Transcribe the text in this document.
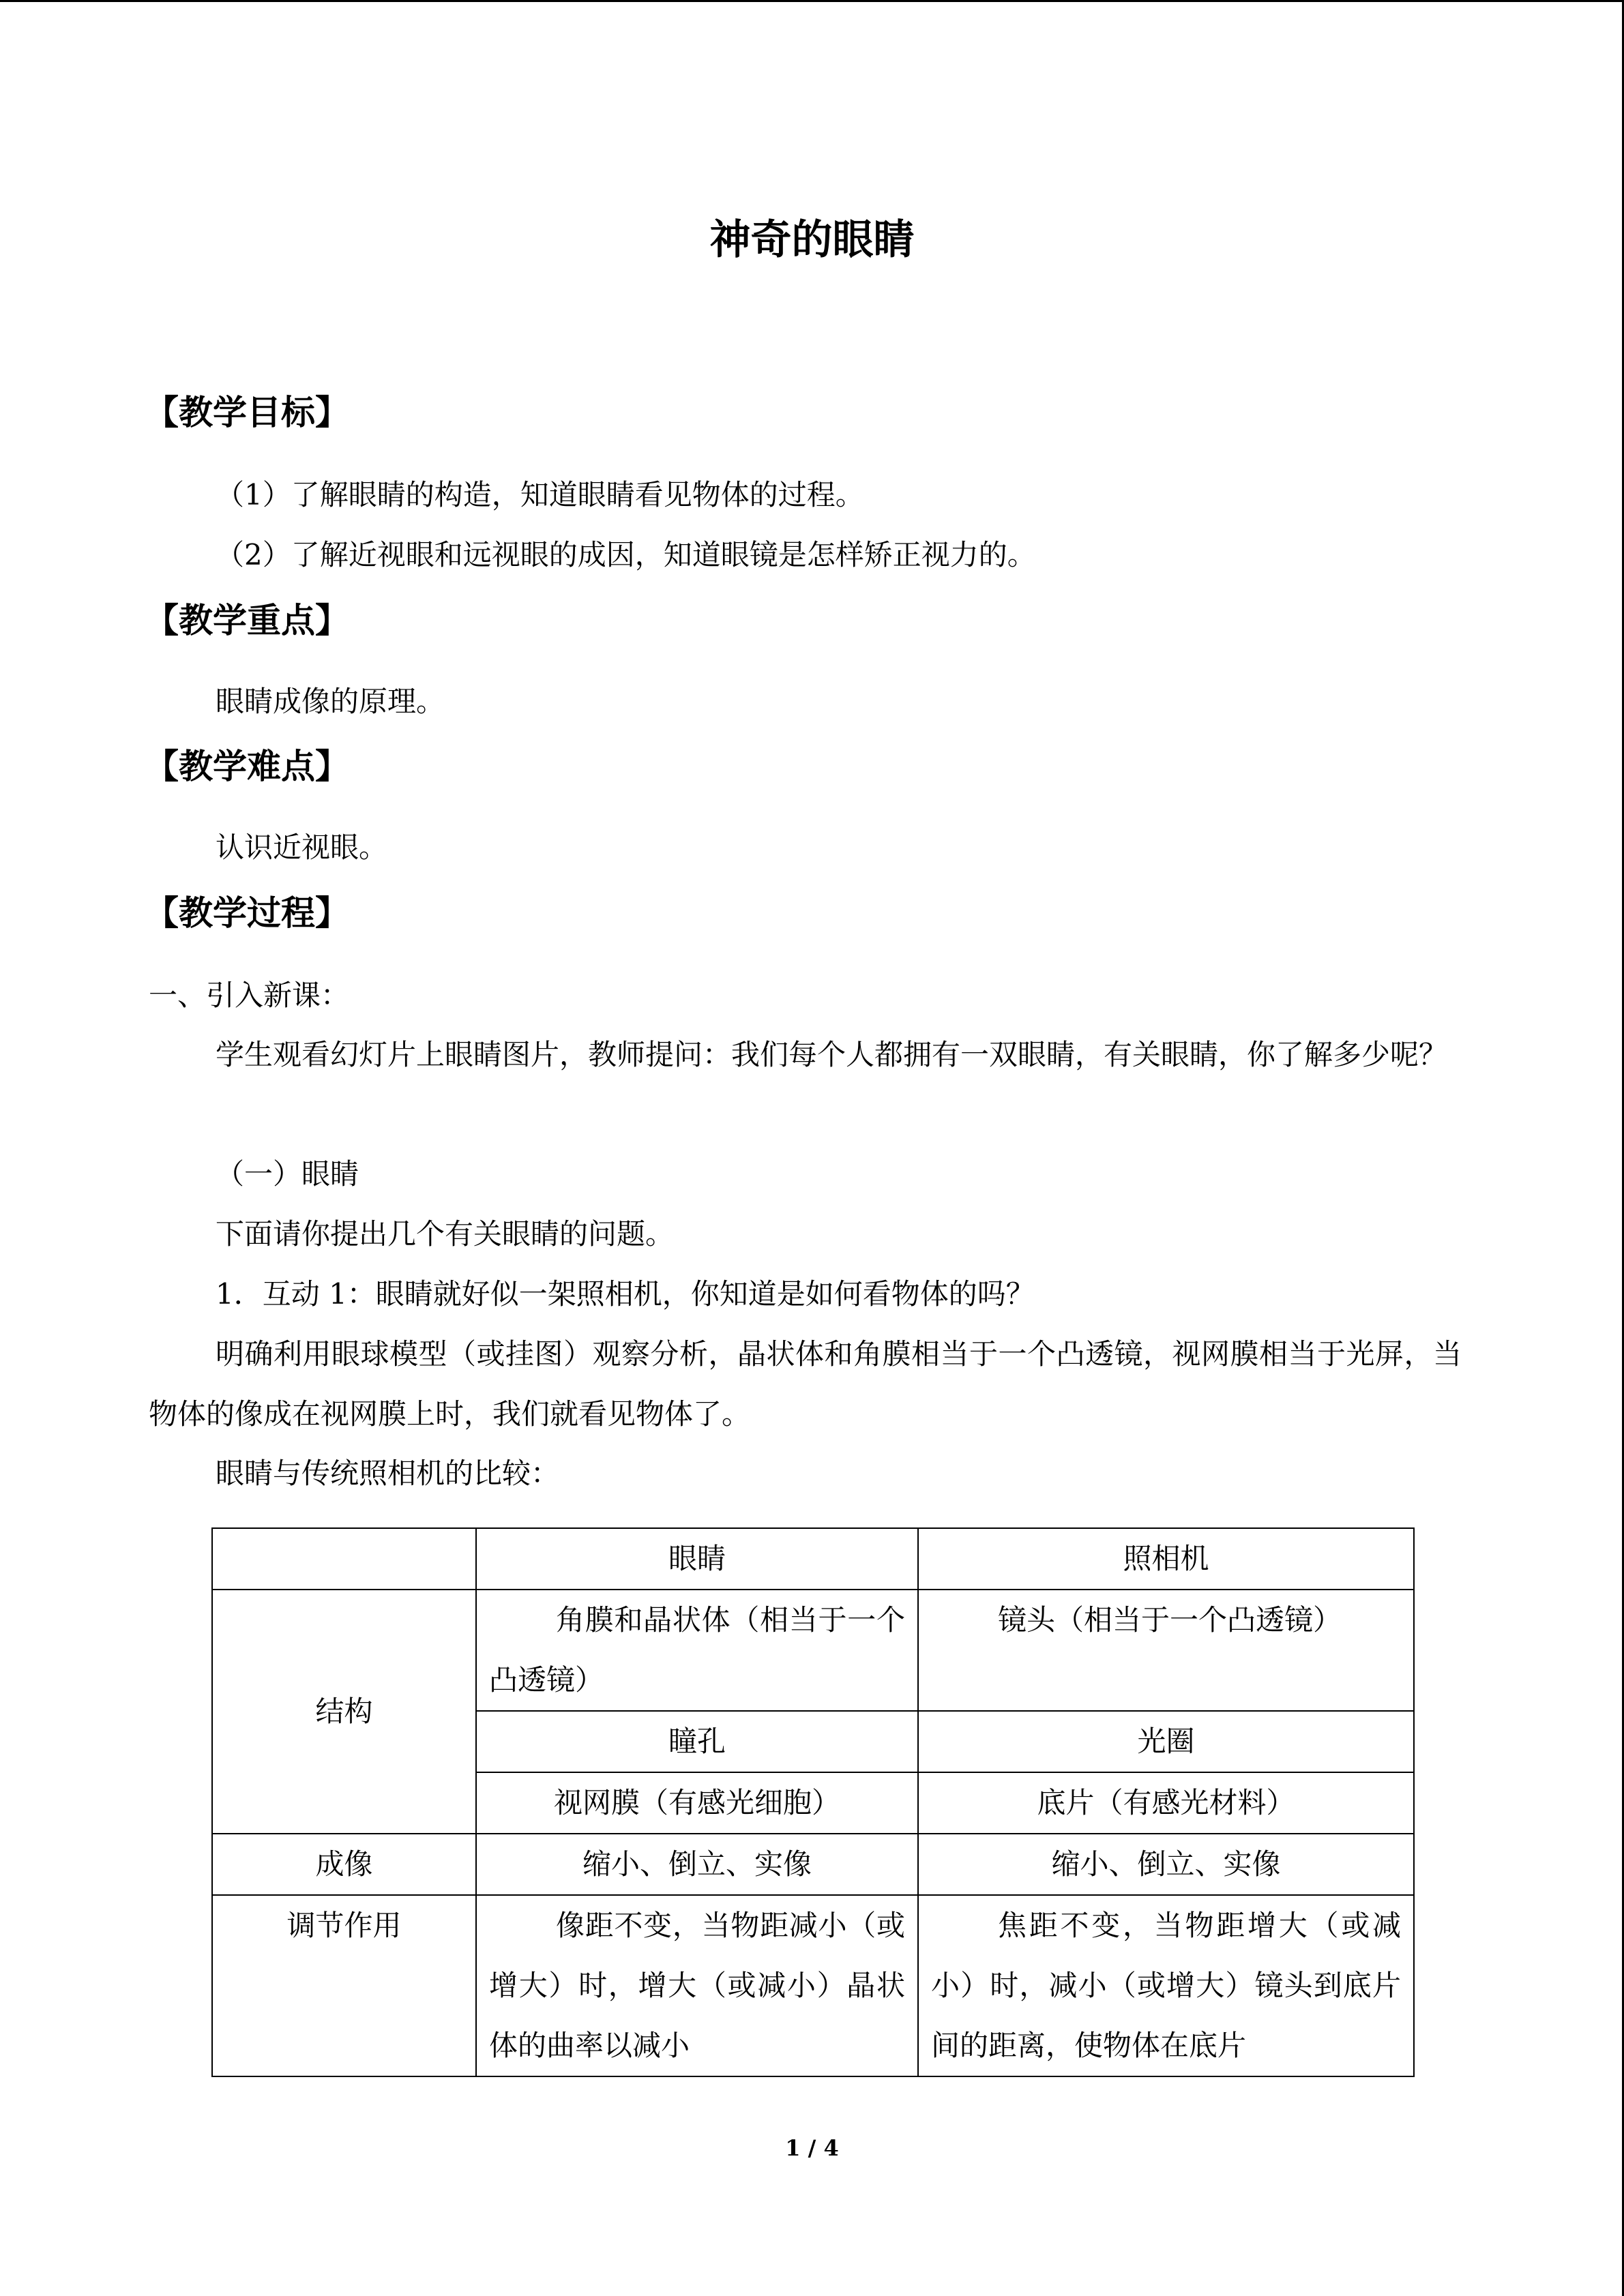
神奇的眼睛
【教学目标】
（1）了解眼睛的构造，知道眼睛看见物体的过程。
（2）了解近视眼和远视眼的成因，知道眼镜是怎样矫正视力的。
【教学重点】
眼睛成像的原理。
【教学难点】
认识近视眼。
【教学过程】
一、引入新课：
学生观看幻灯片上眼睛图片，教师提问：我们每个人都拥有一双眼睛，有关眼睛，你了解多少呢？
（一）眼睛
下面请你提出几个有关眼睛的问题。
1．互动 1：眼睛就好似一架照相机，你知道是如何看物体的吗？
明确利用眼球模型（或挂图）观察分析，晶状体和角膜相当于一个凸透镜，视网膜相当于光屏，当物体的像成在视网膜上时，我们就看见物体了。
眼睛与传统照相机的比较：
	眼睛	照相机
结构	角膜和晶状体（相当于一个凸透镜）	镜头（相当于一个凸透镜）
	瞳孔	光圈
	视网膜（有感光细胞）	底片（有感光材料）
成像	缩小、倒立、实像	缩小、倒立、实像
调节作用	像距不变，当物距减小（或增大）时，增大（或减小）晶状体的曲率以减小	焦距不变，当物距增大（或减小）时，减小（或增大）镜头到底片间的距离，使物体在底片
1 / 4
